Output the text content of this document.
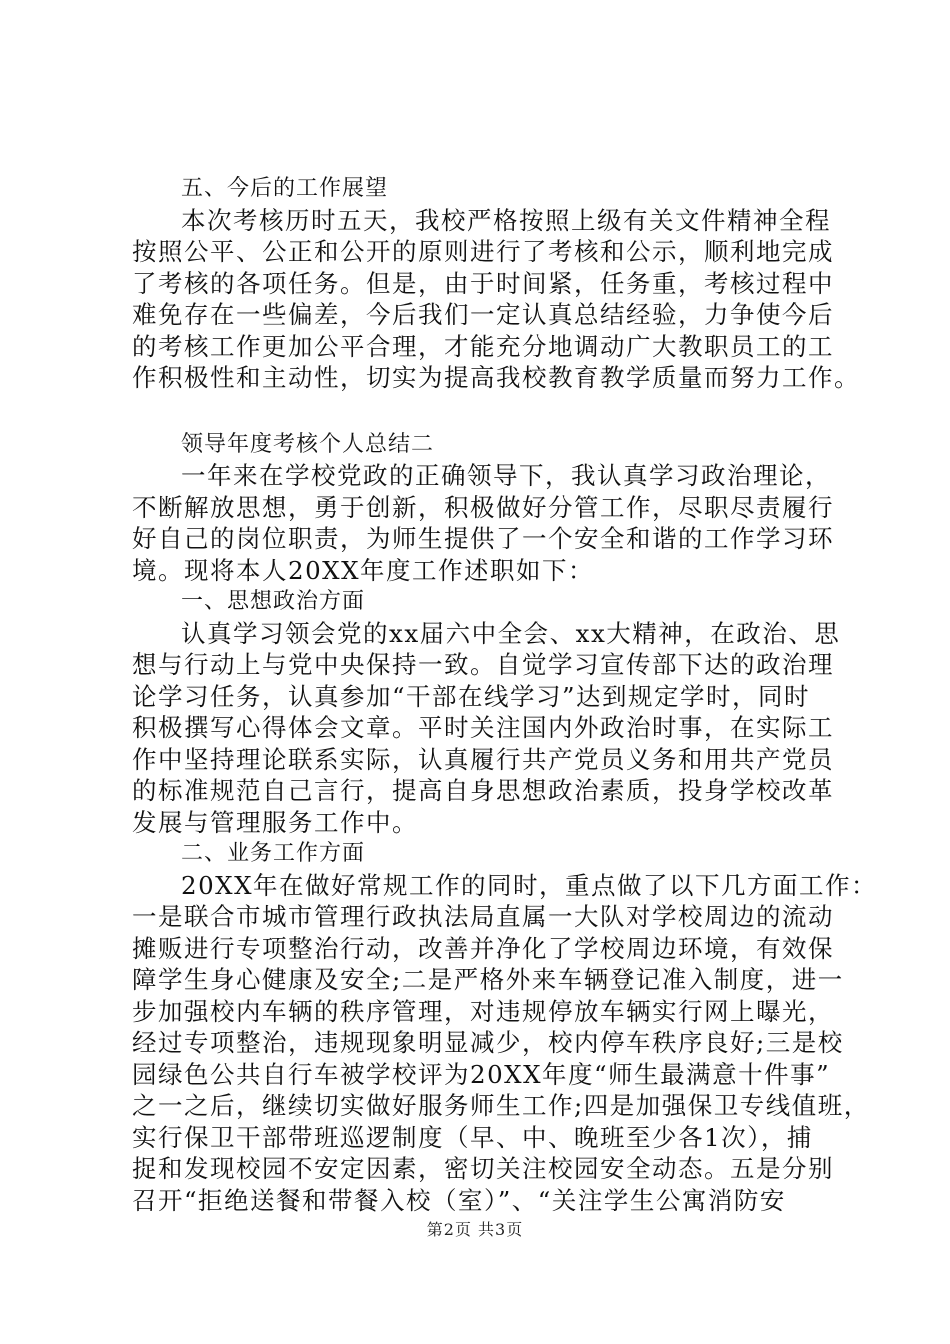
五、今后的工作展望
本次考核历时五天，我校严格按照上级有关文件精神全程
按照公平、公正和公开的原则进行了考核和公示，顺利地完成
了考核的各项任务。但是，由于时间紧，任务重，考核过程中
难免存在一些偏差，今后我们一定认真总结经验，力争使今后
的考核工作更加公平合理，才能充分地调动广大教职员工的工
作积极性和主动性，切实为提高我校教育教学质量而努力工作。
领导年度考核个人总结二
一年来在学校党政的正确领导下，我认真学习政治理论，
不断解放思想，勇于创新，积极做好分管工作，尽职尽责履行
好自己的岗位职责，为师生提供了一个安全和谐的工作学习环
境。现将本人20XX年度工作述职如下：
一、思想政治方面
认真学习领会党的xx届六中全会、xx大精神，在政治、思
想与行动上与党中央保持一致。自觉学习宣传部下达的政治理
论学习任务，认真参加“干部在线学习”达到规定学时，同时
积极撰写心得体会文章。平时关注国内外政治时事，在实际工
作中坚持理论联系实际，认真履行共产党员义务和用共产党员
的标准规范自己言行，提高自身思想政治素质，投身学校改革
发展与管理服务工作中。
二、业务工作方面
20XX年在做好常规工作的同时，重点做了以下几方面工作：
一是联合市城市管理行政执法局直属一大队对学校周边的流动
摊贩进行专项整治行动，改善并净化了学校周边环境，有效保
障学生身心健康及安全;二是严格外来车辆登记准入制度，进一
步加强校内车辆的秩序管理，对违规停放车辆实行网上曝光，
经过专项整治，违规现象明显减少，校内停车秩序良好;三是校
园绿色公共自行车被学校评为20XX年度“师生最满意十件事”
之一之后，继续切实做好服务师生工作;四是加强保卫专线值班，
实行保卫干部带班巡逻制度（早、中、晚班至少各1次），捕
捉和发现校园不安定因素，密切关注校园安全动态。五是分别
召开“拒绝送餐和带餐入校（室）”、“关注学生公寓消防安
第2页 共3页
